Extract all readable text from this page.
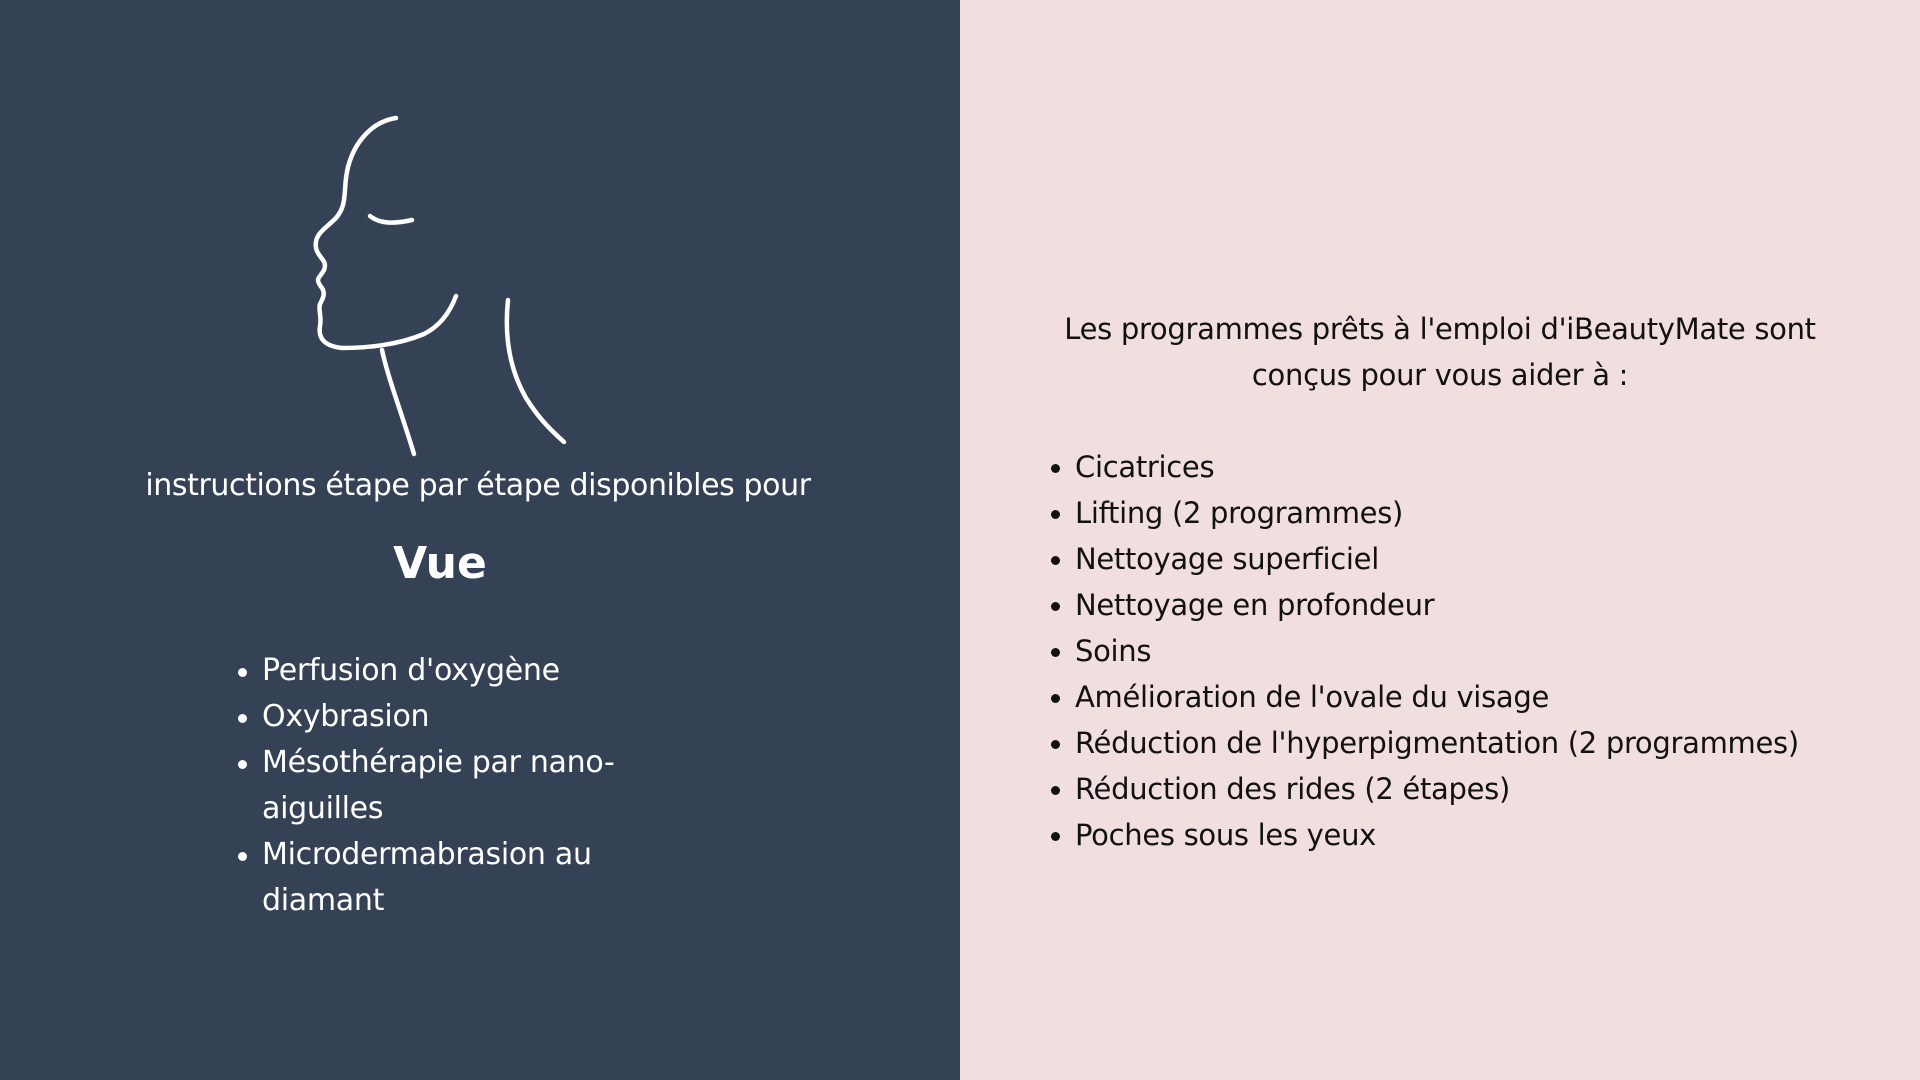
instructions étape par étape disponibles pour

Vue
Perfusion d'oxygène
Oxybrasion
Mésothérapie par nano-aiguilles
Microdermabrasion au diamant

Les programmes prêts à l'emploi d'iBeautyMate sont
conçus pour vous aider à :

Cicatrices
Lifting (2 programmes)
Nettoyage superficiel
Nettoyage en profondeur
Soins
Amélioration de l'ovale du visage
Réduction de l'hyperpigmentation (2 programmes)
Réduction des rides (2 étapes)
Poches sous les yeux
